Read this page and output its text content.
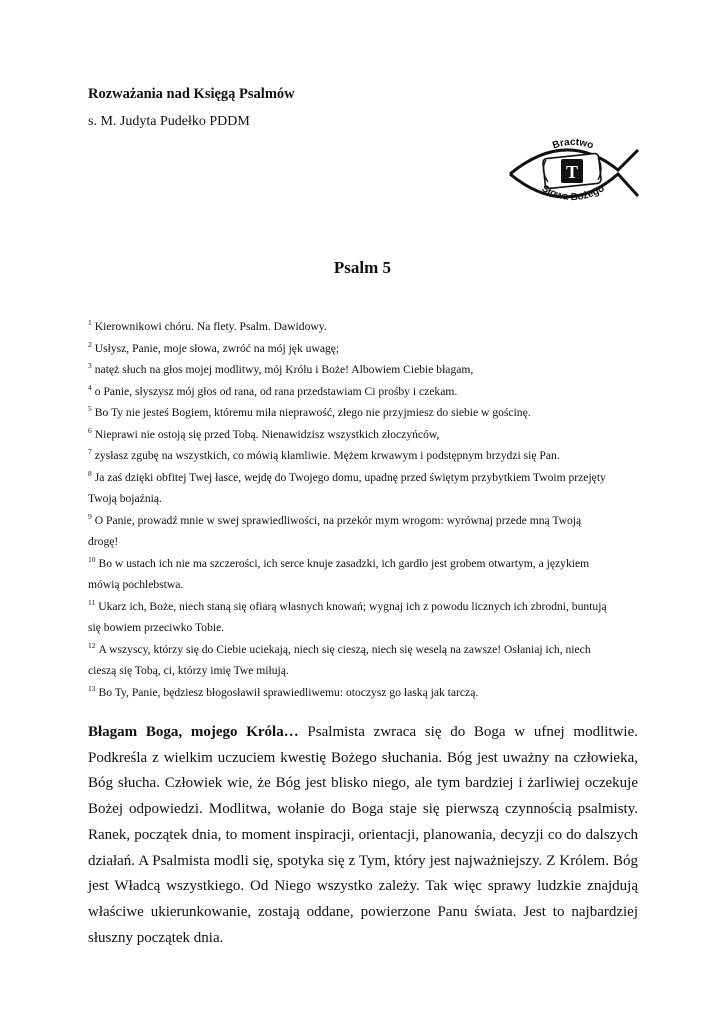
Rozważania nad Księgą Psalmów
s. M. Judyta Pudełko PDDM
T
Bractwo
Słowa Bożego
Psalm 5
$^1$ Kierownikowi chóru. Na flety. Psalm. Dawidowy.
$^2$ Usłysz, Panie, moje słowa, zwróć na mój jęk uwagę;
$^3$ natęż słuch na głos mojej modlitwy, mój Królu i Boże! Albowiem Ciebie błagam,
$^4$ o Panie, słyszysz mój głos od rana, od rana przedstawiam Ci prośby i czekam.
$^5$ Bo Ty nie jesteś Bogiem, któremu miła nieprawość, złego nie przyjmiesz do siebie w gościnę.
$^6$ Nieprawi nie ostoją się przed Tobą. Nienawidzisz wszystkich złoczyńców,
$^7$ zysłasz zgubę na wszystkich, co mówią kłamliwie. Mężem krwawym i podstępnym brzydzi się Pan.
$^8$ Ja zaś dzięki obfitej Twej łasce, wejdę do Twojego domu, upadnę przed świętym przybytkiem Twoim przejęty
Twoją bojaźnią.
$^9$ O Panie, prowadź mnie w swej sprawiedliwości, na przekór mym wrogom: wyrównaj przede mną Twoją
drogę!
$^{10}$ Bo w ustach ich nie ma szczerości, ich serce knuje zasadzki, ich gardło jest grobem otwartym, a językiem
mówią pochlebstwa.
$^{11}$ Ukarz ich, Boże, niech staną się ofiarą własnych knowań; wygnaj ich z powodu licznych ich zbrodni, buntują
się bowiem przeciwko Tobie.
$^{12}$ A wszyscy, którzy się do Ciebie uciekają, niech się cieszą, niech się weselą na zawsze! Osłaniaj ich, niech
cieszą się Tobą, ci, którzy imię Twe miłują.
$^{13}$ Bo Ty, Panie, będziesz błogosławił sprawiedliwemu: otoczysz go łaską jak tarczą.

Błagam Boga, mojego Króla… Psalmista zwraca się do Boga w ufnej modlitwie. Podkreśla z wielkim uczuciem kwestię Bożego słuchania. Bóg jest uważny na człowieka, Bóg słucha. Człowiek wie, że Bóg jest blisko niego, ale tym bardziej i żarliwiej oczekuje Bożej odpowiedzi. Modlitwa, wołanie do Boga staje się pierwszą czynnością psalmisty. Ranek, początek dnia, to moment inspiracji, orientacji, planowania, decyzji co do dalszych działań. A Psalmista modli się, spotyka się z Tym, który jest najważniejszy. Z Królem. Bóg jest Władcą wszystkiego. Od Niego wszystko zależy. Tak więc sprawy ludzkie znajdują właściwe ukierunkowanie, zostają oddane, powierzone Panu świata. Jest to najbardziej słuszny początek dnia.
